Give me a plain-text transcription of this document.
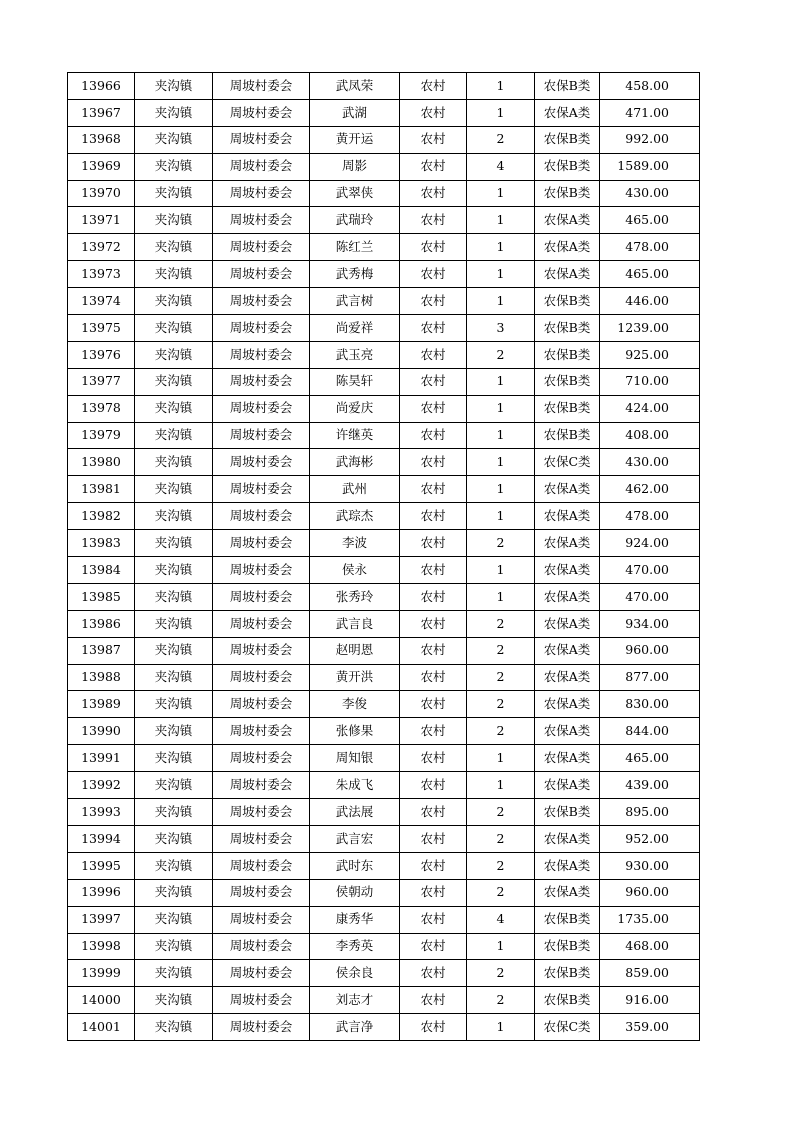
13966	夹沟镇	周坡村委会	武凤荣	农村	1	农保B类	458.00
13967	夹沟镇	周坡村委会	武湖	农村	1	农保A类	471.00
13968	夹沟镇	周坡村委会	黄开运	农村	2	农保B类	992.00
13969	夹沟镇	周坡村委会	周影	农村	4	农保B类	1589.00
13970	夹沟镇	周坡村委会	武翠侠	农村	1	农保B类	430.00
13971	夹沟镇	周坡村委会	武瑞玲	农村	1	农保A类	465.00
13972	夹沟镇	周坡村委会	陈红兰	农村	1	农保A类	478.00
13973	夹沟镇	周坡村委会	武秀梅	农村	1	农保A类	465.00
13974	夹沟镇	周坡村委会	武言树	农村	1	农保B类	446.00
13975	夹沟镇	周坡村委会	尚爱祥	农村	3	农保B类	1239.00
13976	夹沟镇	周坡村委会	武玉亮	农村	2	农保B类	925.00
13977	夹沟镇	周坡村委会	陈昊轩	农村	1	农保B类	710.00
13978	夹沟镇	周坡村委会	尚爱庆	农村	1	农保B类	424.00
13979	夹沟镇	周坡村委会	许继英	农村	1	农保B类	408.00
13980	夹沟镇	周坡村委会	武海彬	农村	1	农保C类	430.00
13981	夹沟镇	周坡村委会	武州	农村	1	农保A类	462.00
13982	夹沟镇	周坡村委会	武琮杰	农村	1	农保A类	478.00
13983	夹沟镇	周坡村委会	李波	农村	2	农保A类	924.00
13984	夹沟镇	周坡村委会	侯永	农村	1	农保A类	470.00
13985	夹沟镇	周坡村委会	张秀玲	农村	1	农保A类	470.00
13986	夹沟镇	周坡村委会	武言良	农村	2	农保A类	934.00
13987	夹沟镇	周坡村委会	赵明恩	农村	2	农保A类	960.00
13988	夹沟镇	周坡村委会	黄开洪	农村	2	农保A类	877.00
13989	夹沟镇	周坡村委会	李俊	农村	2	农保A类	830.00
13990	夹沟镇	周坡村委会	张修果	农村	2	农保A类	844.00
13991	夹沟镇	周坡村委会	周知银	农村	1	农保A类	465.00
13992	夹沟镇	周坡村委会	朱成飞	农村	1	农保A类	439.00
13993	夹沟镇	周坡村委会	武法展	农村	2	农保B类	895.00
13994	夹沟镇	周坡村委会	武言宏	农村	2	农保A类	952.00
13995	夹沟镇	周坡村委会	武时东	农村	2	农保A类	930.00
13996	夹沟镇	周坡村委会	侯朝动	农村	2	农保A类	960.00
13997	夹沟镇	周坡村委会	康秀华	农村	4	农保B类	1735.00
13998	夹沟镇	周坡村委会	李秀英	农村	1	农保B类	468.00
13999	夹沟镇	周坡村委会	侯余良	农村	2	农保B类	859.00
14000	夹沟镇	周坡村委会	刘志才	农村	2	农保B类	916.00
14001	夹沟镇	周坡村委会	武言净	农村	1	农保C类	359.00
